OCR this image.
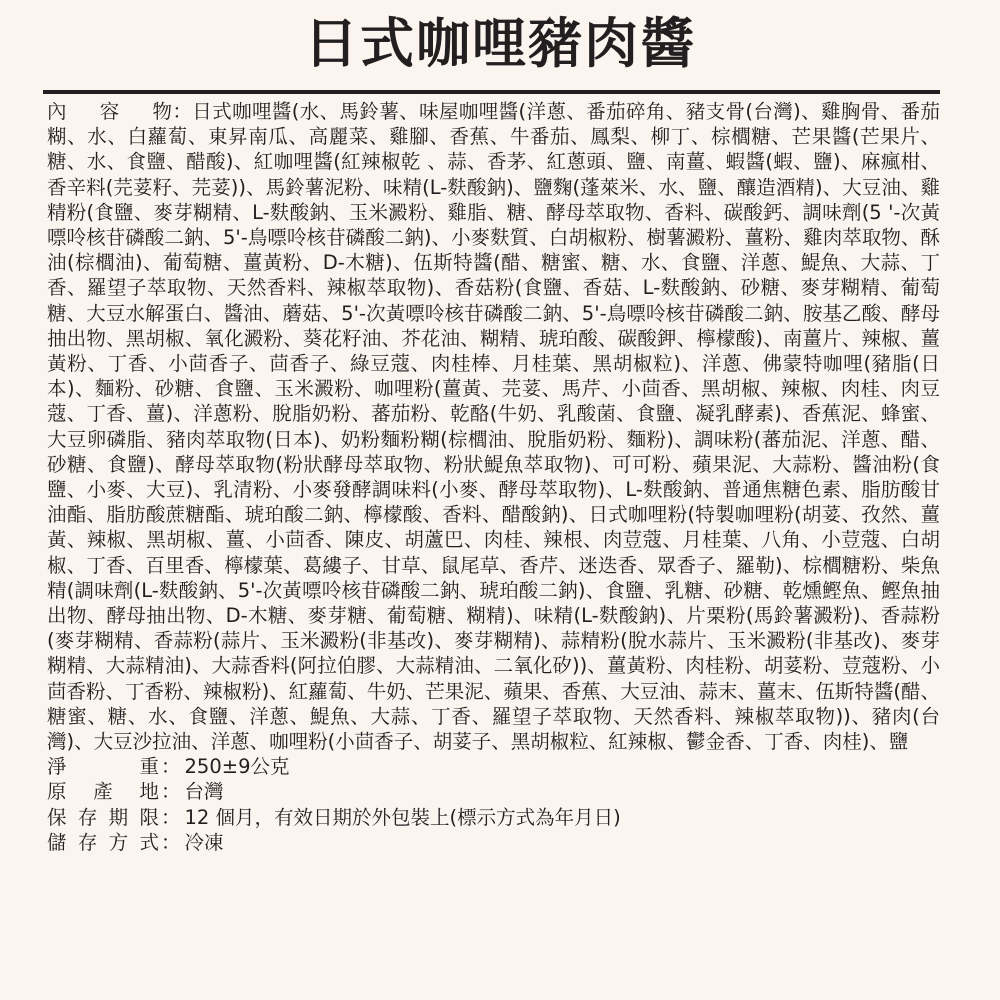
日式咖哩豬肉醬

內　容　物：日式咖哩醬(水、馬鈴薯、味屋咖哩醬(洋蔥、番茄碎角、豬支骨(台灣)、雞胸骨、番茄糊、水、白蘿蔔、東昇南瓜、高麗菜、雞腳、香蕉、牛番茄、鳳梨、柳丁、棕櫚糖、芒果醬(芒果片、糖、水、食鹽、醋酸)、紅咖哩醬(紅辣椒乾 、蒜、香茅、紅蔥頭、鹽、南薑、蝦醬(蝦、鹽)、麻瘋柑、香辛料(芫荽籽、芫荽))、馬鈴薯泥粉、味精(L-麩酸鈉)、鹽麴(蓬萊米、水、鹽、釀造酒精)、大豆油、雞精粉(食鹽、麥芽糊精、L-麩酸鈉、玉米澱粉、雞脂、糖、酵母萃取物、香料、碳酸鈣、調味劑(5 '-次黃嘌呤核苷磷酸二鈉、5'-鳥嘌呤核苷磷酸二鈉)、小麥麩質、白胡椒粉、樹薯澱粉、薑粉、雞肉萃取物、酥油(棕櫚油)、葡萄糖、薑黃粉、D-木糖)、伍斯特醬(醋、糖蜜、糖、水、食鹽、洋蔥、鯷魚、大蒜、丁香、羅望子萃取物、天然香料、辣椒萃取物)、香菇粉(食鹽、香菇、L-麩酸鈉、砂糖、麥芽糊精、葡萄糖、大豆水解蛋白、醬油、蘑菇、5'-次黃嘌呤核苷磷酸二鈉、5'-鳥嘌呤核苷磷酸二鈉、胺基乙酸、酵母抽出物、黑胡椒、氧化澱粉、葵花籽油、芥花油、糊精、琥珀酸、碳酸鉀、檸檬酸)、南薑片、辣椒、薑黃粉、丁香、小茴香子、茴香子、綠豆蔻、肉桂棒、月桂葉、黑胡椒粒)、洋蔥、佛蒙特咖哩(豬脂(日本)、麵粉、砂糖、食鹽、玉米澱粉、咖哩粉(薑黃、芫荽、馬芹、小茴香、黑胡椒、辣椒、肉桂、肉豆蔻、丁香、薑)、洋蔥粉、脫脂奶粉、蕃茄粉、乾酪(牛奶、乳酸菌、食鹽、凝乳酵素)、香蕉泥、蜂蜜、大豆卵磷脂、豬肉萃取物(日本)、奶粉麵粉糊(棕櫚油、脫脂奶粉、麵粉)、調味粉(蕃茄泥、洋蔥、醋、砂糖、食鹽)、酵母萃取物(粉狀酵母萃取物、粉狀鯷魚萃取物)、可可粉、蘋果泥、大蒜粉、醬油粉(食鹽、小麥、大豆)、乳清粉、小麥發酵調味料(小麥、酵母萃取物)、L-麩酸鈉、普通焦糖色素、脂肪酸甘油酯、脂肪酸蔗糖酯、琥珀酸二鈉、檸檬酸、香料、醋酸鈉)、日式咖哩粉(特製咖哩粉(胡荽、孜然、薑黃、辣椒、黑胡椒、薑、小茴香、陳皮、胡蘆巴、肉桂、辣根、肉荳蔻、月桂葉、八角、小荳蔻、白胡椒、丁香、百里香、檸檬葉、葛縷子、甘草、鼠尾草、香芹、迷迭香、眾香子、羅勒)、棕櫚糖粉、柴魚精(調味劑(L-麩酸鈉、5'-次黃嘌呤核苷磷酸二鈉、琥珀酸二鈉)、食鹽、乳糖、砂糖、乾燻鰹魚、鰹魚抽出物、酵母抽出物、D-木糖、麥芽糖、葡萄糖、糊精)、味精(L-麩酸鈉)、片栗粉(馬鈴薯澱粉)、香蒜粉(麥芽糊精、香蒜粉(蒜片、玉米澱粉(非基改)、麥芽糊精)、蒜精粉(脫水蒜片、玉米澱粉(非基改)、麥芽糊精、大蒜精油)、大蒜香料(阿拉伯膠、大蒜精油、二氧化矽))、薑黃粉、肉桂粉、胡荽粉、荳蔻粉、小茴香粉、丁香粉、辣椒粉)、紅蘿蔔、牛奶、芒果泥、蘋果、香蕉、大豆油、蒜末、薑末、伍斯特醬(醋、糖蜜、糖、水、食鹽、洋蔥、鯷魚、大蒜、丁香、羅望子萃取物、天然香料、辣椒萃取物))、豬肉(台灣)、大豆沙拉油、洋蔥、咖哩粉(小茴香子、胡荽子、黑胡椒粒、紅辣椒、鬱金香、丁香、肉桂)、鹽

淨　重 ： 250±9公克

原 產 地 ： 台灣

保存期限 ： 12 個月，有效日期於外包裝上(標示方式為年月日)

儲存方式 ： 冷凍
